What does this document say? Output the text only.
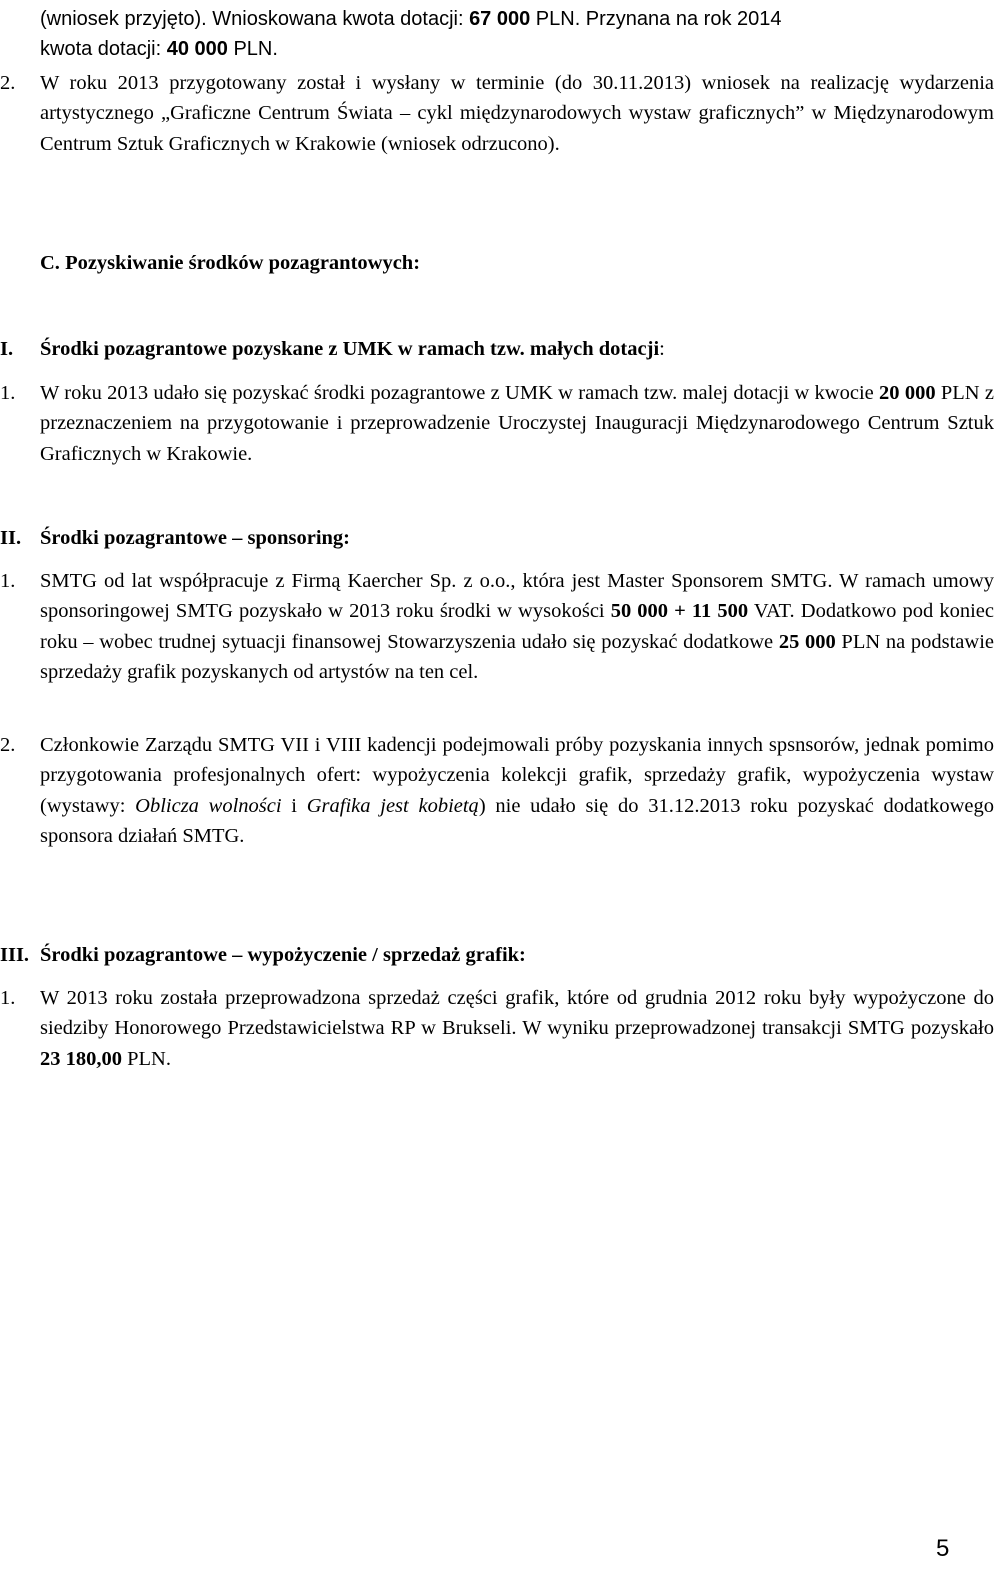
(wniosek przyjęto). Wnioskowana kwota dotacji: 67 000 PLN. Przynana na rok 2014
kwota dotacji: 40 000 PLN.
2. W roku 2013 przygotowany został i wysłany w terminie (do 30.11.2013) wniosek na realizację wydarzenia artystycznego „Graficzne Centrum Świata – cykl międzynarodowych wystaw graficznych” w Międzynarodowym Centrum Sztuk Graficznych w Krakowie (wniosek odrzucono).
C. Pozyskiwanie środków pozagrantowych:
I. Środki pozagrantowe pozyskane z UMK w ramach tzw. małych dotacji:
1. W roku 2013 udało się pozyskać środki pozagrantowe z UMK w ramach tzw. malej dotacji w kwocie 20 000 PLN z przeznaczeniem na przygotowanie i przeprowadzenie Uroczystej Inauguracji Międzynarodowego Centrum Sztuk Graficznych w Krakowie.
II. Środki pozagrantowe – sponsoring:
1. SMTG od lat współpracuje z Firmą Kaercher Sp. z o.o., która jest Master Sponsorem SMTG. W ramach umowy sponsoringowej SMTG pozyskało w 2013 roku środki w wysokości 50 000 + 11 500 VAT. Dodatkowo pod koniec roku – wobec trudnej sytuacji finansowej Stowarzyszenia udało się pozyskać dodatkowe 25 000 PLN na podstawie sprzedaży grafik pozyskanych od artystów na ten cel.
2. Członkowie Zarządu SMTG VII i VIII kadencji podejmowali próby pozyskania innych spsnsorów, jednak pomimo przygotowania profesjonalnych ofert: wypożyczenia kolekcji grafik, sprzedaży grafik, wypożyczenia wystaw (wystawy: Oblicza wolności i Grafika jest kobietą) nie udało się do 31.12.2013 roku pozyskać dodatkowego sponsora działań SMTG.
III. Środki pozagrantowe – wypożyczenie / sprzedaż grafik:
1. W 2013 roku została przeprowadzona sprzedaż części grafik, które od grudnia 2012 roku były wypożyczone do siedziby Honorowego Przedstawicielstwa RP w Brukseli. W wyniku przeprowadzonej transakcji SMTG pozyskało 23 180,00 PLN.
5
